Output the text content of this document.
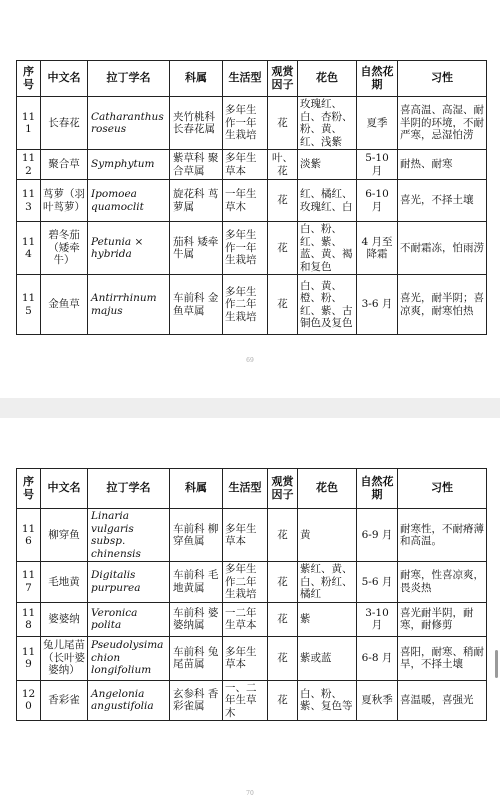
序号	中文名	拉丁学名	科属	生活型	观赏因子	花色	自然花期	习性
111	长春花	Catharanthus roseus	夹竹桃科 长春花属	多年生作一年生栽培	花	玫瑰红、白、杏粉、粉、黄、红、浅紫	夏季	喜高温、高湿、耐半阴的环境，不耐严寒，忌湿怕涝
112	聚合草	Symphytum	紫草科 聚合草属	多年生草本	叶、花	淡紫	5-10 月	耐热、耐寒
113	茑萝（羽叶茑萝）	Ipomoea quamoclit	旋花科 茑萝属	一年生草木	花	红、橘红、玫瑰红、白	6-10 月	喜光，不择土壤
114	碧冬茄（矮牵牛）	Petunia × hybrida	茄科 矮牵牛属	多年生作一年生栽培	花	白、粉、红、紫、蓝、黄、褐和复色	4 月至降霜	不耐霜冻，怕雨涝
115	金鱼草	Antirrhinum majus	车前科 金鱼草属	多年生作二年生栽培	花	白、黄、橙、粉、红、紫、古铜色及复色	3-6 月	喜光，耐半阴；喜凉爽，耐寒怕热
69
序号	中文名	拉丁学名	科属	生活型	观赏因子	花色	自然花期	习性
116	柳穿鱼	Linaria vulgaris subsp. chinensis	车前科 柳穿鱼属	多年生草本	花	黄	6-9 月	耐寒性，不耐瘠薄和高温。
117	毛地黄	Digitalis purpurea	车前科 毛地黄属	多年生作二年生栽培	花	紫红、黄、白、粉红、橘红	5-6 月	耐寒，性喜凉爽，畏炎热
118	婆婆纳	Veronica polita	车前科 婆婆纳属	一二年生草本	花	紫	3-10 月	喜光耐半阴，耐寒，耐修剪
119	兔儿尾苗（长叶婆婆纳）	Pseudolysimachion longifolium	车前科 兔尾苗属	多年生草本	花	紫或蓝	6-8 月	喜阳，耐寒、稍耐旱，不择土壤
120	香彩雀	Angelonia angustifolia	玄参科 香彩雀属	一、二年生草木	花	白、粉、紫、复色等	夏秋季	喜温暖，喜强光
70
